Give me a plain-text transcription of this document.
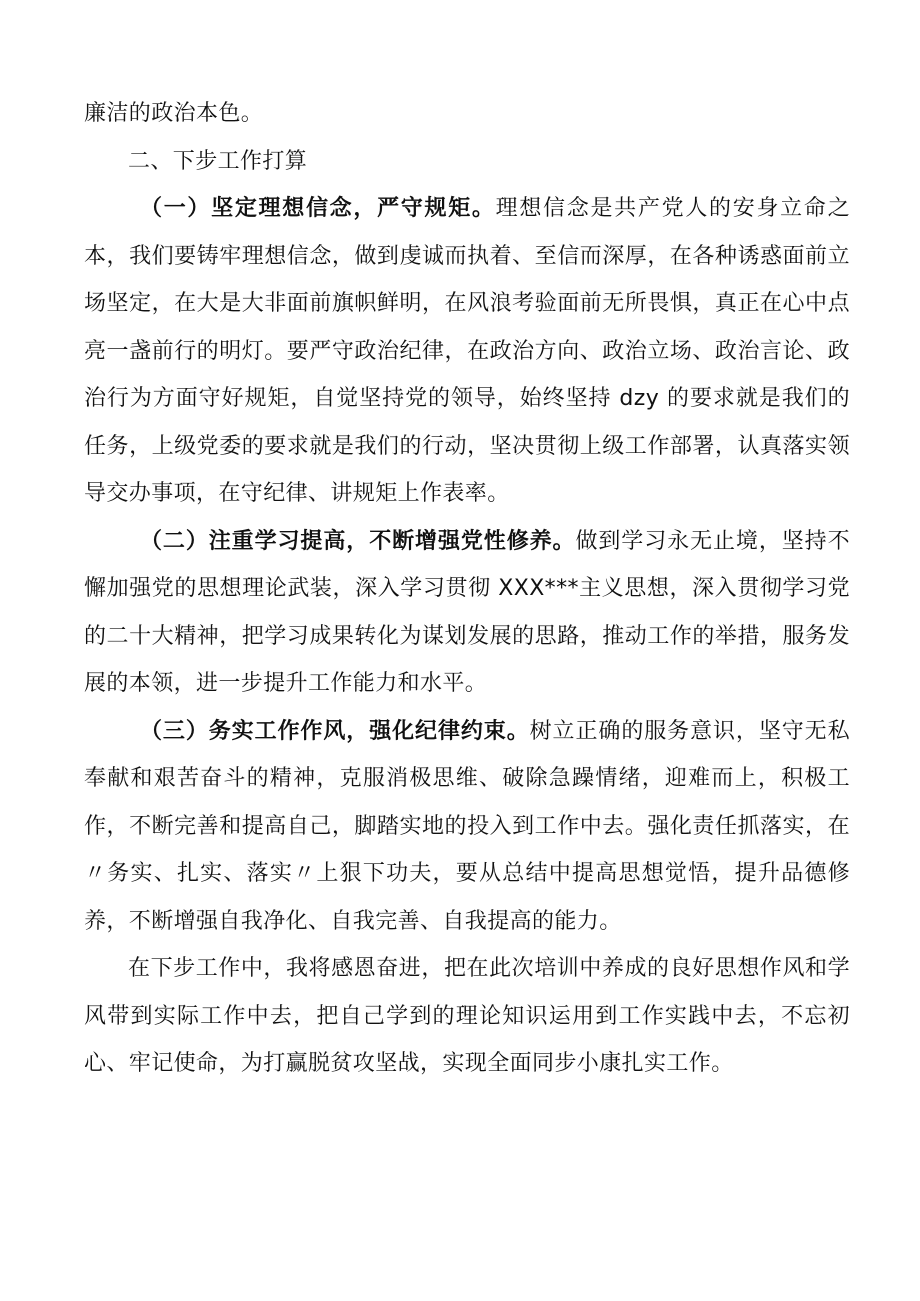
廉洁的政治本色。

二、下步工作打算

（一）坚定理想信念，严守规矩。理想信念是共产党人的安身立命之本，我们要铸牢理想信念，做到虔诚而执着、至信而深厚，在各种诱惑面前立场坚定，在大是大非面前旗帜鲜明，在风浪考验面前无所畏惧，真正在心中点亮一盏前行的明灯。要严守政治纪律，在政治方向、政治立场、政治言论、政治行为方面守好规矩，自觉坚持党的领导，始终坚持 dzy 的要求就是我们的任务，上级党委的要求就是我们的行动，坚决贯彻上级工作部署，认真落实领导交办事项，在守纪律、讲规矩上作表率。

（二）注重学习提高，不断增强党性修养。做到学习永无止境，坚持不懈加强党的思想理论武装，深入学习贯彻 XXX***主义思想，深入贯彻学习党的二十大精神，把学习成果转化为谋划发展的思路，推动工作的举措，服务发展的本领，进一步提升工作能力和水平。

（三）务实工作作风，强化纪律约束。树立正确的服务意识，坚守无私奉献和艰苦奋斗的精神，克服消极思维、破除急躁情绪，迎难而上，积极工作，不断完善和提高自己，脚踏实地的投入到工作中去。强化责任抓落实，在〃务实、扎实、落实〃上狠下功夫，要从总结中提高思想觉悟，提升品德修养，不断增强自我净化、自我完善、自我提高的能力。

在下步工作中，我将感恩奋进，把在此次培训中养成的良好思想作风和学风带到实际工作中去，把自己学到的理论知识运用到工作实践中去，不忘初心、牢记使命，为打赢脱贫攻坚战，实现全面同步小康扎实工作。
